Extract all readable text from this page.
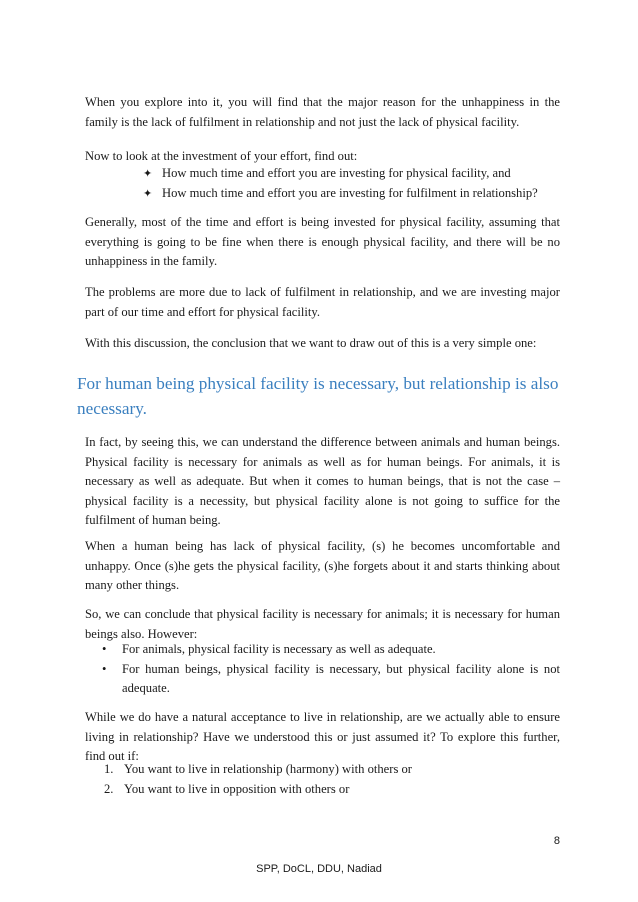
When you explore into it, you will find that the major reason for the unhappiness in the family is the lack of fulfilment in relationship and not just the lack of physical facility.

Now to look at the investment of your effort, find out:

✦ How much time and effort you are investing for physical facility, and
✦ How much time and effort you are investing for fulfilment in relationship?

Generally, most of the time and effort is being invested for physical facility, assuming that everything is going to be fine when there is enough physical facility, and there will be no unhappiness in the family.

The problems are more due to lack of fulfilment in relationship, and we are investing major part of our time and effort for physical facility.

With this discussion, the conclusion that we want to draw out of this is a very simple one:

For human being physical facility is necessary, but relationship is also necessary.

In fact, by seeing this, we can understand the difference between animals and human beings. Physical facility is necessary for animals as well as for human beings. For animals, it is necessary as well as adequate. But when it comes to human beings, that is not the case – physical facility is a necessity, but physical facility alone is not going to suffice for the fulfilment of human being.

When a human being has lack of physical facility, (s) he becomes uncomfortable and unhappy. Once (s)he gets the physical facility, (s)he forgets about it and starts thinking about many other things.

So, we can conclude that physical facility is necessary for animals; it is necessary for human beings also. However:

• For animals, physical facility is necessary as well as adequate.
• For human beings, physical facility is necessary, but physical facility alone is not adequate.

While we do have a natural acceptance to live in relationship, are we actually able to ensure living in relationship? Have we understood this or just assumed it? To explore this further, find out if:

1. You want to live in relationship (harmony) with others or
2. You want to live in opposition with others or
8
SPP, DoCL, DDU, Nadiad
